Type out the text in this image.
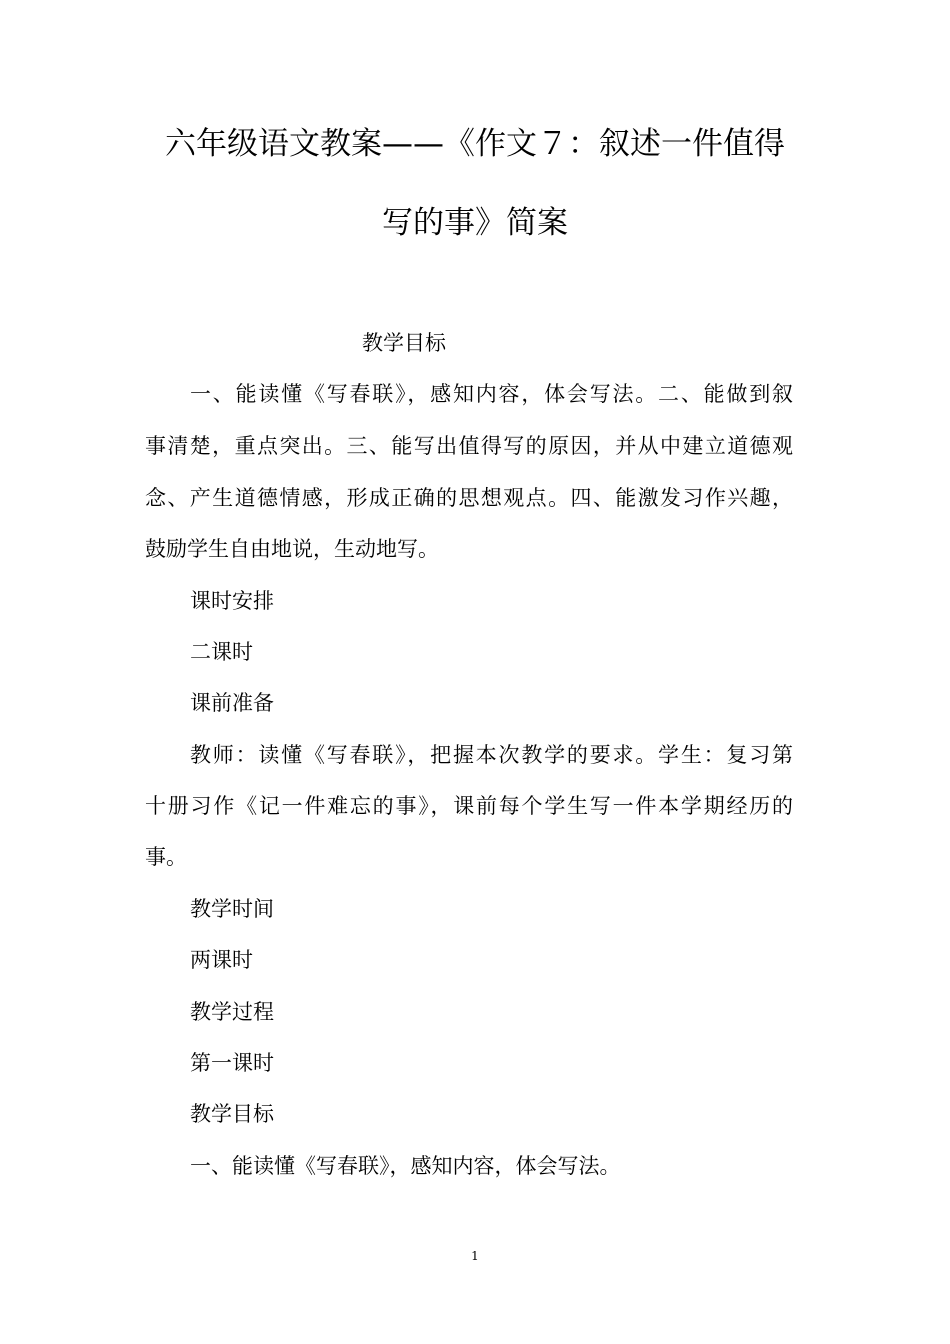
六年级语文教案——《作文７：叙述一件值得
写的事》简案
教学目标
一、能读懂《写春联》，感知内容，体会写法。二、能做到叙
事清楚，重点突出。三、能写出值得写的原因，并从中建立道德观
念、产生道德情感，形成正确的思想观点。四、能激发习作兴趣，
鼓励学生自由地说，生动地写。
课时安排
二课时
课前准备
教师：读懂《写春联》，把握本次教学的要求。学生：复习第
十册习作《记一件难忘的事》，课前每个学生写一件本学期经历的
事。
教学时间
两课时
教学过程
第一课时
教学目标
一、能读懂《写春联》，感知内容，体会写法。
1
